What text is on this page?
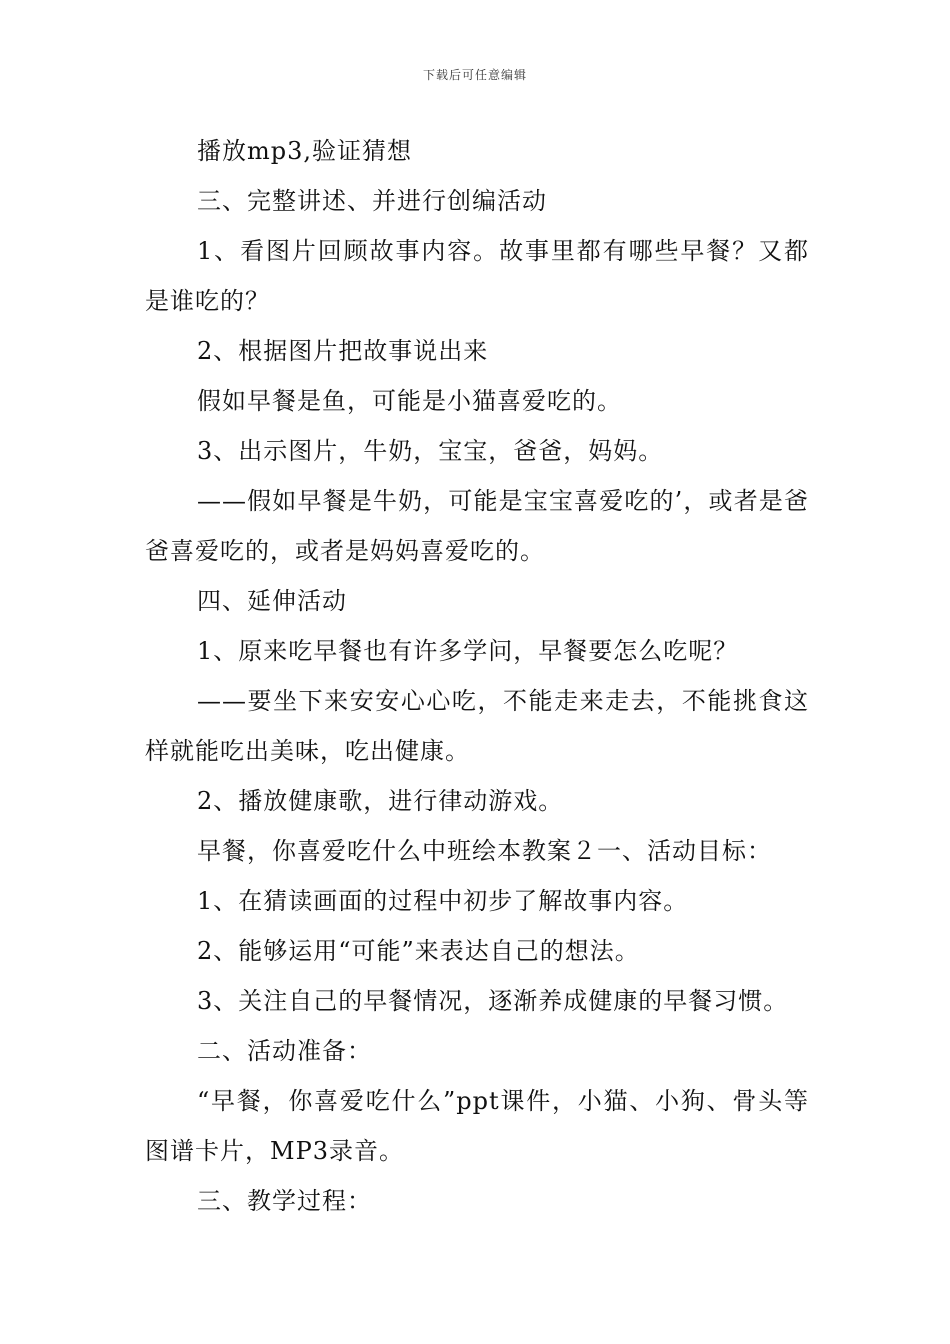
下载后可任意编辑

播放mp3,验证猜想

三、完整讲述、并进行创编活动

1、看图片回顾故事内容。故事里都有哪些早餐？又都是谁吃的？

2、根据图片把故事说出来

假如早餐是鱼，可能是小猫喜爱吃的。

3、出示图片，牛奶，宝宝，爸爸，妈妈。

——假如早餐是牛奶，可能是宝宝喜爱吃的’，或者是爸爸喜爱吃的，或者是妈妈喜爱吃的。

四、延伸活动

1、原来吃早餐也有许多学问，早餐要怎么吃呢？

——要坐下来安安心心吃，不能走来走去，不能挑食这样就能吃出美味，吃出健康。

2、播放健康歌，进行律动游戏。

早餐，你喜爱吃什么中班绘本教案２一、活动目标：

1、在猜读画面的过程中初步了解故事内容。

2、能够运用“可能”来表达自己的想法。

3、关注自己的早餐情况，逐渐养成健康的早餐习惯。

二、活动准备：

“早餐，你喜爱吃什么”ppt课件，小猫、小狗、骨头等图谱卡片，MP3录音。

三、教学过程：
